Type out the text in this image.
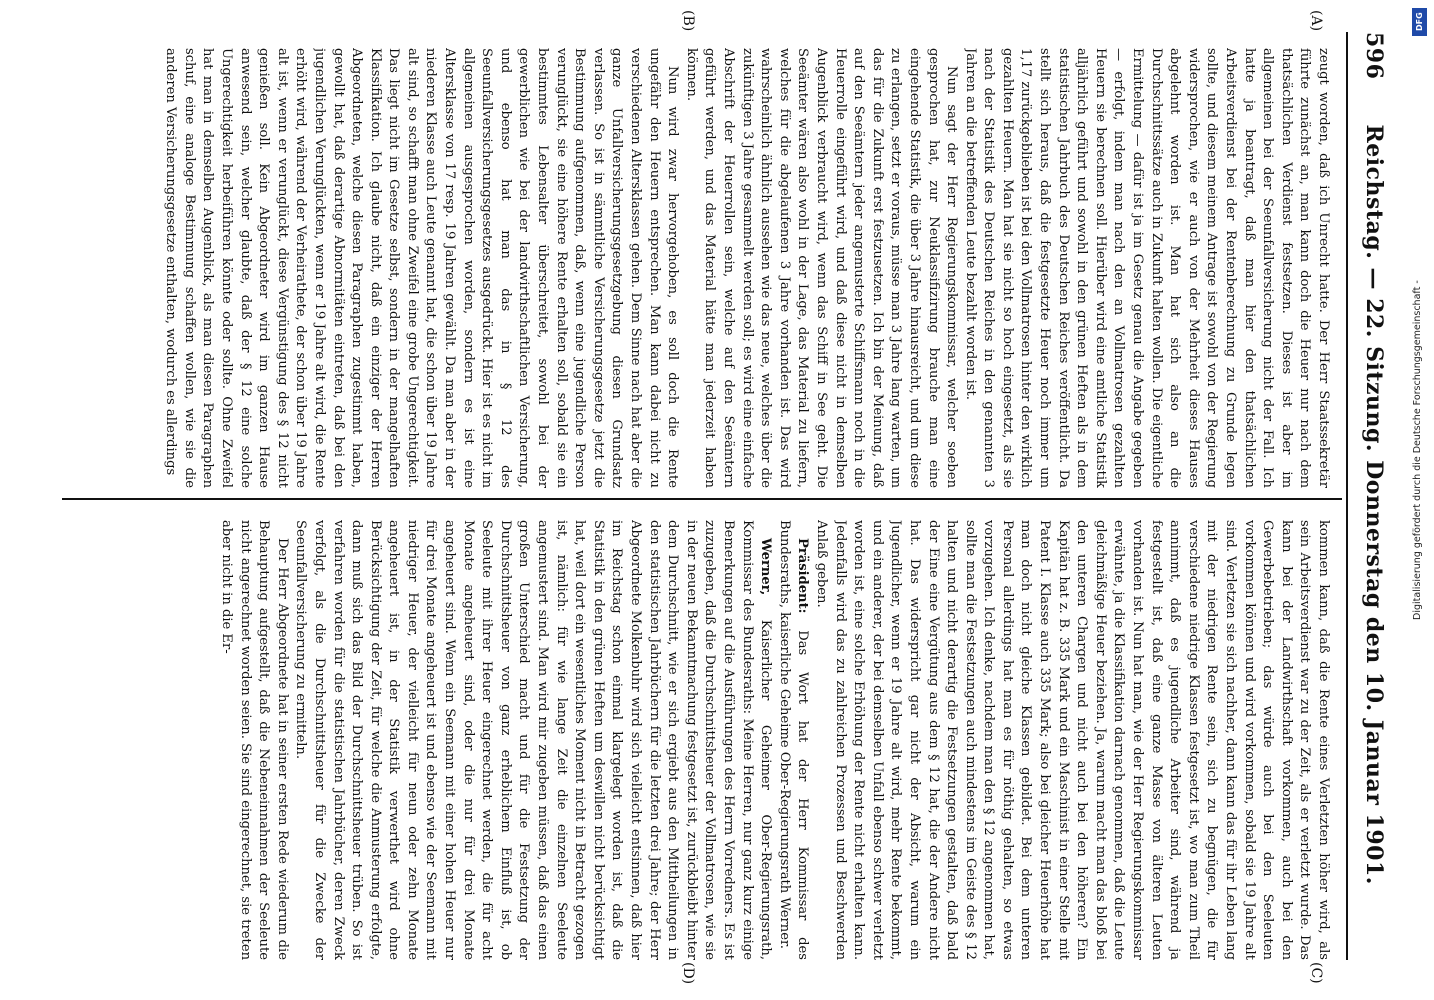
596
Reichstag. — 22. Sitzung. Donnerstag den 10. Januar 1901.
(A)
(B)
(C)
(D)

zeugt worden, daß ich Unrecht hatte. Der Herr Staatssekretär führte zunächst an, man kann doch die Heuer nur nach dem thatsächlichen Verdienst festsetzen. Dieses ist aber im allgemeinen bei der Seeunfallversicherung nicht der Fall. Ich hatte ja beantragt, daß man hier den thatsächlichen Arbeitsverdienst bei der Rentenberechnung zu Grunde legen sollte, und diesem meinem Antrage ist sowohl von der Regierung widersprochen, wie er auch von der Mehrheit dieses Hauses abgelehnt worden ist. Man hat sich also an die Durchschnittssätze auch in Zukunft halten wollen. Die eigentliche Ermittelung — dafür ist ja im Gesetz genau die Angabe gegeben — erfolgt, indem man nach den an Vollmatrosen gezahlten Heuern sie berechnen soll. Hierüber wird eine amtliche Statistik alljährlich geführt und sowohl in den grünen Heften als in dem statistischen Jahrbuch des Deutschen Reiches veröffentlicht. Da stellt sich heraus, daß die festgesetzte Heuer noch immer um 1,17 zurückgeblieben ist bei den Vollmatrosen hinter den wirklich gezahlten Heuern. Man hat sie nicht so hoch eingesetzt, als sie nach der Statistik des Deutschen Reiches in den genannten 3 Jahren an die betreffenden Leute bezahlt worden ist.

Nun sagt der Herr Regierungskommissar, welcher soeben gesprochen hat, zur Neuklassifizirung brauche man eine eingehende Statistik, die über 3 Jahre hinausreicht, und um diese zu erlangen, setzt er voraus, müsse man 3 Jahre lang warten, um das für die Zukunft erst festzusetzen. Ich bin der Meinung, daß auf den Seeämtern jeder angemusterte Schiffsmann noch in die Heuerrolle eingeführt wird, und daß diese nicht in demselben Augenblick verbraucht wird, wenn das Schiff in See geht. Die Seeämter wären also wohl in der Lage, das Material zu liefern, welches für die abgelaufenen 3 Jahre vorhanden ist. Das wird wahrscheinlich ähnlich aussehen wie das neue, welches über die zukünftigen 3 Jahre gesammelt werden soll; es wird eine einfache Abschrift der Heuerrollen sein, welche auf den Seeämtern geführt werden, und das Material hätte man jederzeit haben können.

Nun wird zwar hervorgehoben, es soll doch die Rente ungefähr den Heuern entsprechen. Man kann dabei nicht zu verschiedenen Altersklassen gehen. Dem Sinne nach hat aber die ganze Unfallversicherungsgesetzgebung diesen Grundsatz verlassen. So ist in sämmtliche Versicherungsgesetze jetzt die Bestimmung aufgenommen, daß, wenn eine jugendliche Person verunglückt, sie eine höhere Rente erhalten soll, sobald sie ein bestimmtes Lebensalter überschreitet, sowohl bei der gewerblichen wie bei der landwirthschaftlichen Versicherung, und ebenso hat man das in § 12 des Seeunfallversicherungsgesetzes ausgedrückt. Hier ist es nicht im allgemeinen ausgesprochen worden, sondern es ist eine Altersklasse von 17 resp. 19 Jahren gewählt. Da man aber in der niederen Klasse auch Leute genannt hat, die schon über 19 Jahre alt sind, so schafft man ohne Zweifel eine grobe Ungerechtigkeit. Das liegt nicht im Gesetze selbst, sondern in der mangelhaften Klassifikation. Ich glaube nicht, daß ein einziger der Herren Abgeordneten, welche diesen Paragraphen zugestimmt haben, gewollt hat, daß derartige Abnormitäten eintreten, daß bei den jugendlichen Verunglückten, wenn er 19 Jahre alt wird, die Rente erhöht wird, während der Verheirathete, der schon über 19 Jahre alt ist, wenn er verunglückt, diese Vergünstigung des § 12 nicht genießen soll. Kein Abgeordneter wird im ganzen Hause anwesend sein, welcher glaubte, daß der § 12 eine solche Ungerechtigkeit herbeiführen könnte oder sollte. Ohne Zweifel hat man in demselben Augenblick, als man diesen Paragraphen schuf, eine analoge Bestimmung schaffen wollen, wie sie die anderen Versicherungsgesetze enthalten, wodurch es allerdings

kommen kann, daß die Rente eines Verletzten höher wird, als sein Arbeitsverdienst war zu der Zeit, als er verletzt wurde. Das kann bei der Landwirthschaft vorkommen, auch bei den Gewerbebetrieben; das würde auch bei den Seeleuten vorkommen können und wird vorkommen, sobald sie 19 Jahre alt sind. Verletzen sie sich nachher, dann kann das für ihr Leben lang mit der niedrigen Rente sein, sich zu begnügen, die für verschiedene niedrige Klassen festgesetzt ist, wo man zum Theil annimmt, daß es jugendliche Arbeiter sind, während ja festgestellt ist, daß eine ganze Masse von älteren Leuten vorhanden ist. Nun hat man, wie der Herr Regierungskommissar erwähnte, ja die Klassifikation darnach genommen, daß die Leute gleichmäßige Heuer beziehen. Ja, warum macht man das bloß bei den unteren Chargen und nicht auch bei den höheren? Ein Kapitän hat z. B. 335 Mark und ein Maschinist in einer Stelle mit Patent I. Klasse auch 335 Mark; also bei gleicher Heuerhöhe hat man doch nicht gleiche Klassen gebildet. Bei dem unteren Personal allerdings hat man es für nöthig gehalten, so etwas vorzugehen. Ich denke, nachdem man den § 12 angenommen hat, sollte man die Festsetzungen auch mindestens im Geiste des § 12 halten und nicht derartig die Festsetzungen gestalten, daß bald der Eine eine Vergütung aus dem § 12 hat, die der Andere nicht hat. Das widerspricht gar nicht der Absicht, warum ein Jugendlicher, wenn er 19 Jahre alt wird, mehr Rente bekommt, und ein anderer, der bei demselben Unfall ebenso schwer verletzt worden ist, eine solche Erhöhung der Rente nicht erhalten kann. Jedenfalls wird das zu zahlreichen Prozessen und Beschwerden Anlaß geben.

Präsident: Das Wort hat der Herr Kommissar des Bundesraths, kaiserliche Geheime Ober-Regierungsrath Werner.

Werner, Kaiserlicher Geheimer Ober-Regierungsrath, Kommissar des Bundesraths: Meine Herren, nur ganz kurz einige Bemerkungen auf die Ausführungen des Herrn Vorredners. Es ist zuzugeben, daß die Durchschnittsheuer der Vollmatrosen, wie sie in der neuen Bekanntmachung festgesetzt ist, zurückbleibt hinter dem Durchschnitt, wie er sich ergiebt aus den Mittheilungen in den statistischen Jahrbüchern für die letzten drei Jahre; der Herr Abgeordnete Molkenbuhr wird sich vielleicht entsinnen, daß hier im Reichstag schon einmal klargelegt worden ist, daß die Statistik in den grünen Heften um deswillen nicht berücksichtigt hat, weil dort ein wesentliches Moment nicht in Betracht gezogen ist, nämlich: für wie lange Zeit die einzelnen Seeleute angemustert sind. Man wird mir zugeben müssen, daß das einen großen Unterschied macht und für die Festsetzung der Durchschnittsheuer von ganz erheblichem Einfluß ist, ob Seeleute mit ihrer Heuer eingerechnet werden, die für acht Monate angeheuert sind, oder die nur für drei Monate angeheuert sind. Wenn ein Seemann mit einer hohen Heuer nur für drei Monate angeheuert ist und ebenso wie der Seemann mit niedriger Heuer, der vielleicht für neun oder zehn Monate angeheuert ist, in der Statistik verwerthet wird ohne Berücksichtigung der Zeit, für welche die Anmusterung erfolgte, dann muß sich das Bild der Durchschnittsheuer trüben. So ist verfahren worden für die statistischen Jahrbücher, deren Zweck verfolgt, als die Durchschnittsheuer für die Zwecke der Seeunfallversicherung zu ermitteln.

Der Herr Abgeordnete hat in seiner ersten Rede wiederum die Behauptung aufgestellt, daß die Nebeneinnahmen der Seeleute nicht angerechnet worden seien. Sie sind eingerechnet, sie treten aber nicht in die Er-

DFG
Digitalisierung gefördert durch die Deutsche Forschungsgemeinschaft -
